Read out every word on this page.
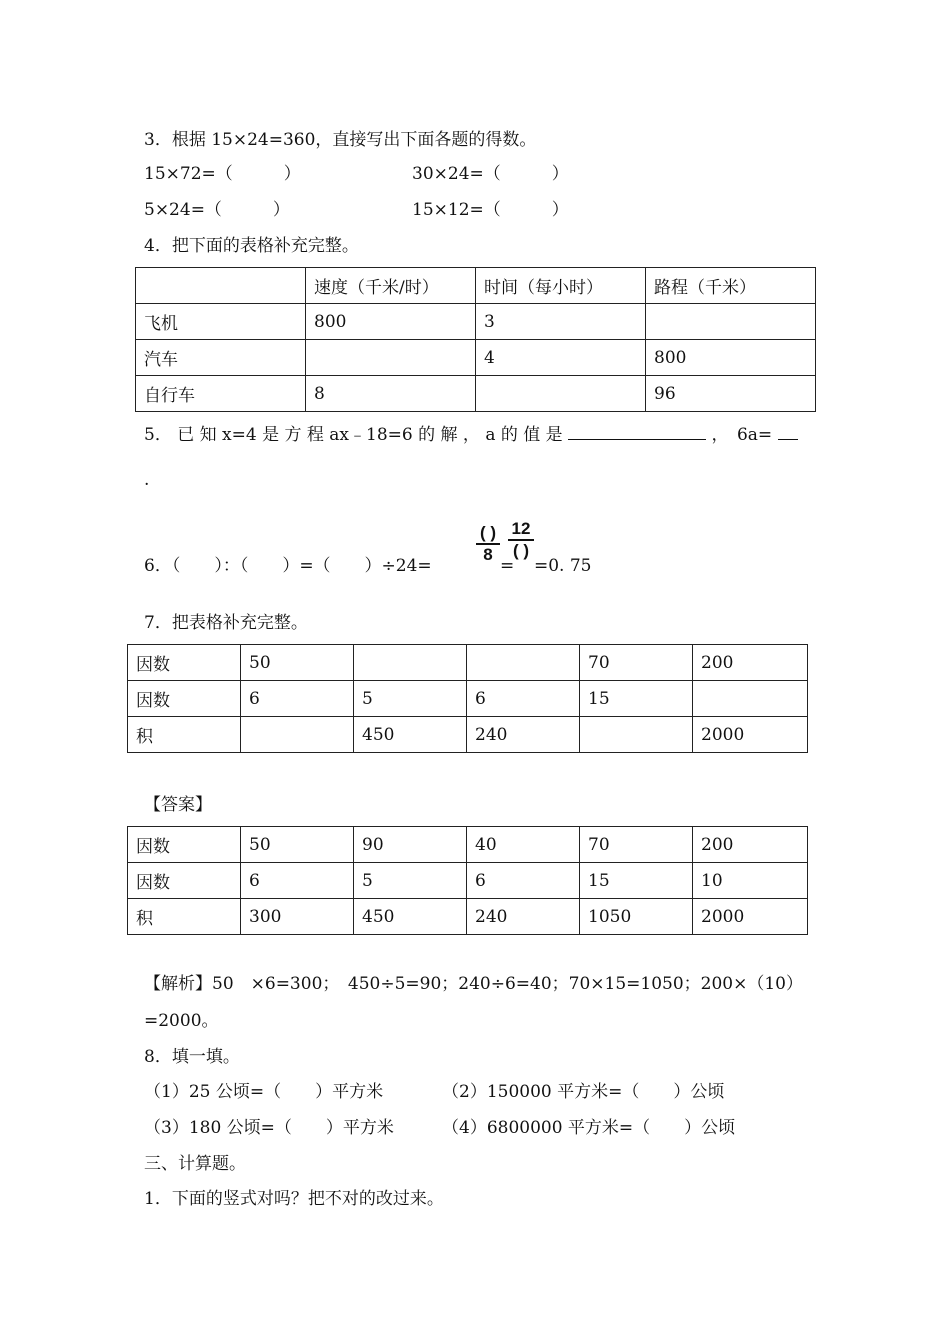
3．根据 15×24=360，直接写出下面各题的得数。
15×72=（　　　）	30×24=（　　　）
5×24=（　　　）	15×12=（　　　）
4．把下面的表格补充完整。
	速度（千米/时）	时间（每小时）	路程（千米）
飞机	800	3	
汽车		4	800
自行车	8		96
5． 已 知 x=4 是 方 程 ax﹣18=6 的 解 ， a 的 值 是	，　6a=
.
6．（　　）：（　　）=（　　）÷24=
( )
8
=
12
( )
=0. 75
7．把表格补充完整。
因数	50			70	200
因数	6	5	6	15	
积		450	240		2000
【答案】
因数	50	90	40	70	200
因数	6	5	6	15	10
积	300	450	240	1050	2000
【解析】50　×6=300；　450÷5=90；240÷6=40；70×15=1050；200×（10）
=2000。
8．填一填。
（1）25 公顷=（　　）平方米	（2）150000 平方米=（　　）公顷
（3）180 公顷=（　　）平方米	（4）6800000 平方米=（　　）公顷
三、计算题。
1．下面的竖式对吗？把不对的改过来。
